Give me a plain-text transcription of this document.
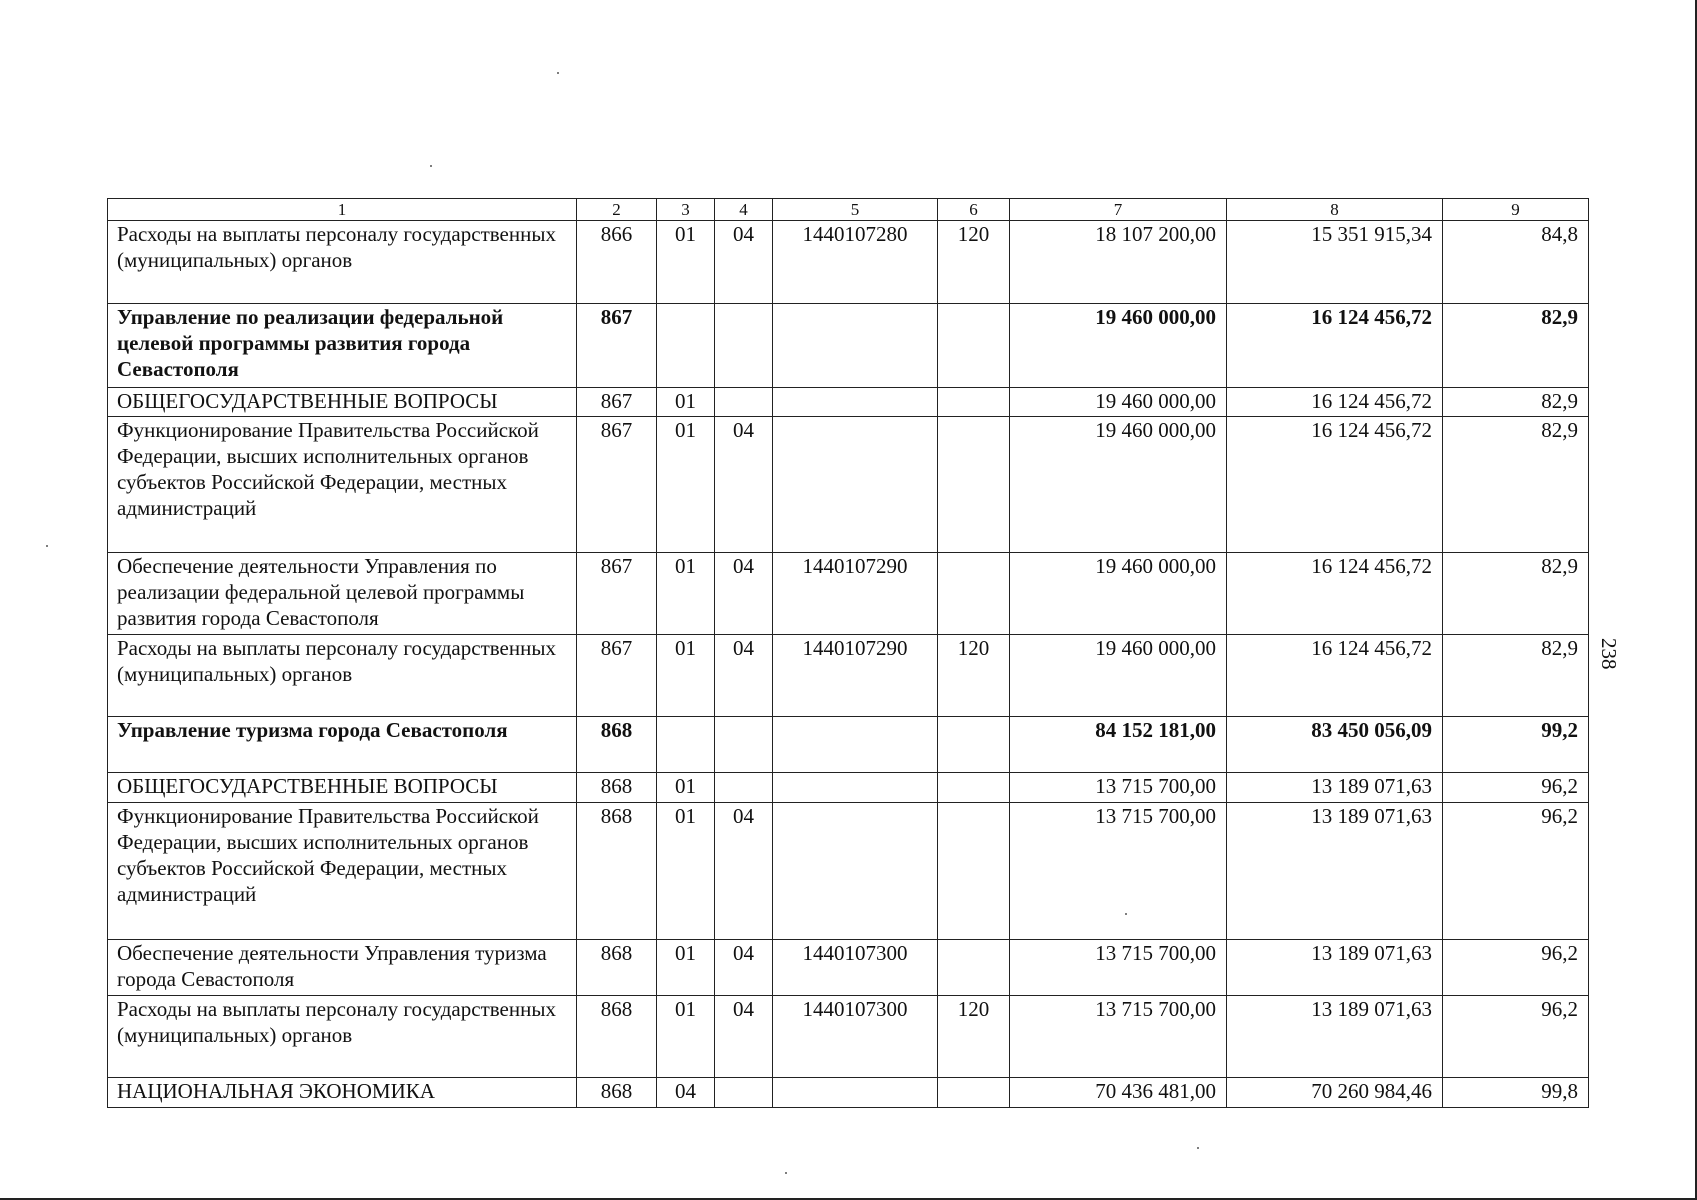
238
1	2	3	4	5	6	7	8	9
Расходы на выплаты персоналу государственных (муниципальных) органов	866	01	04	1440107280	120	18 107 200,00	15 351 915,34	84,8
Управление по реализации федеральной целевой программы развития города Севастополя	867					19 460 000,00	16 124 456,72	82,9
ОБЩЕГОСУДАРСТВЕННЫЕ ВОПРОСЫ	867	01				19 460 000,00	16 124 456,72	82,9
Функционирование Правительства Российской Федерации, высших исполнительных органов субъектов Российской Федерации, местных администраций	867	01	04			19 460 000,00	16 124 456,72	82,9
Обеспечение деятельности Управления по реализации федеральной целевой программы развития города Севастополя	867	01	04	1440107290		19 460 000,00	16 124 456,72	82,9
Расходы на выплаты персоналу государственных (муниципальных) органов	867	01	04	1440107290	120	19 460 000,00	16 124 456,72	82,9
Управление туризма города Севастополя	868					84 152 181,00	83 450 056,09	99,2
ОБЩЕГОСУДАРСТВЕННЫЕ ВОПРОСЫ	868	01				13 715 700,00	13 189 071,63	96,2
Функционирование Правительства Российской Федерации, высших исполнительных органов субъектов Российской Федерации, местных администраций	868	01	04			13 715 700,00	13 189 071,63	96,2
Обеспечение деятельности Управления туризма города Севастополя	868	01	04	1440107300		13 715 700,00	13 189 071,63	96,2
Расходы на выплаты персоналу государственных (муниципальных) органов	868	01	04	1440107300	120	13 715 700,00	13 189 071,63	96,2
НАЦИОНАЛЬНАЯ ЭКОНОМИКА	868	04				70 436 481,00	70 260 984,46	99,8
